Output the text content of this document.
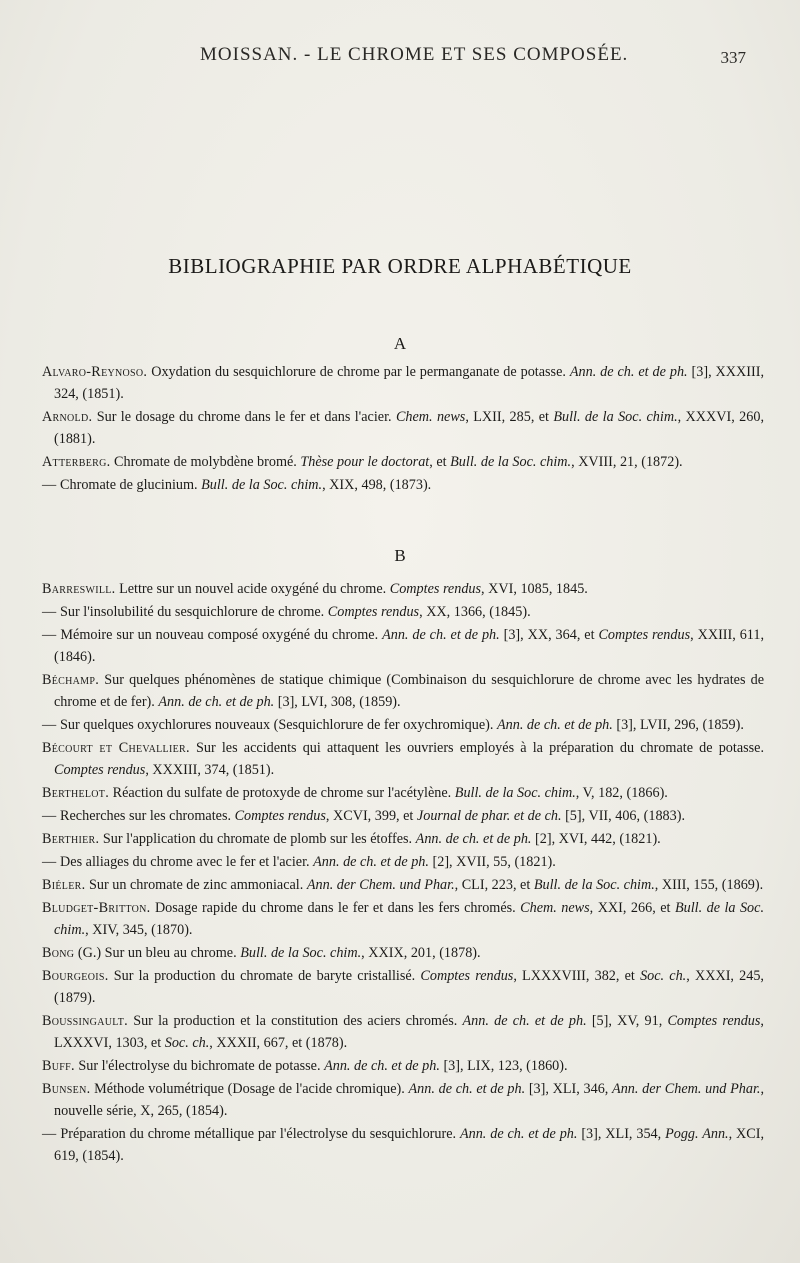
MOISSAN. - LE CHROME ET SES COMPOSÉE.	337
BIBLIOGRAPHIE PAR ORDRE ALPHABÉTIQUE
A

Alvaro-Reynoso. Oxydation du sesquichlorure de chrome par le permanganate de potasse. Ann. de ch. et de ph. [3], XXXIII, 324, (1851).

Arnold. Sur le dosage du chrome dans le fer et dans l'acier. Chem. news, LXII, 285, et Bull. de la Soc. chim., XXXVI, 260, (1881).

Atterberg. Chromate de molybdène bromé. Thèse pour le doctorat, et Bull. de la Soc. chim., XVIII, 21, (1872).

— Chromate de glucinium. Bull. de la Soc. chim., XIX, 498, (1873).

B

Barreswill. Lettre sur un nouvel acide oxygéné du chrome. Comptes rendus, XVI, 1085, 1845.

— Sur l'insolubilité du sesquichlorure de chrome. Comptes rendus, XX, 1366, (1845).

— Mémoire sur un nouveau composé oxygéné du chrome. Ann. de ch. et de ph. [3], XX, 364, et Comptes rendus, XXIII, 611, (1846).

Béchamp. Sur quelques phénomènes de statique chimique (Combinaison du sesquichlorure de chrome avec les hydrates de chrome et de fer). Ann. de ch. et de ph. [3], LVI, 308, (1859).

— Sur quelques oxychlorures nouveaux (Sesquichlorure de fer oxychromique). Ann. de ch. et de ph. [3], LVII, 296, (1859).

Bécourt et Chevallier. Sur les accidents qui attaquent les ouvriers employés à la préparation du chromate de potasse. Comptes rendus, XXXIII, 374, (1851).

Berthelot. Réaction du sulfate de protoxyde de chrome sur l'acétylène. Bull. de la Soc. chim., V, 182, (1866).

— Recherches sur les chromates. Comptes rendus, XCVI, 399, et Journal de phar. et de ch. [5], VII, 406, (1883).

Berthier. Sur l'application du chromate de plomb sur les étoffes. Ann. de ch. et de ph. [2], XVI, 442, (1821).

— Des alliages du chrome avec le fer et l'acier. Ann. de ch. et de ph. [2], XVII, 55, (1821).

Biéler. Sur un chromate de zinc ammoniacal. Ann. der Chem. und Phar., CLI, 223, et Bull. de la Soc. chim., XIII, 155, (1869).

Bludget-Britton. Dosage rapide du chrome dans le fer et dans les fers chromés. Chem. news, XXI, 266, et Bull. de la Soc. chim., XIV, 345, (1870).

Bong (G.) Sur un bleu au chrome. Bull. de la Soc. chim., XXIX, 201, (1878).

Bourgeois. Sur la production du chromate de baryte cristallisé. Comptes rendus, LXXXVIII, 382, et Soc. ch., XXXI, 245, (1879).

Boussingault. Sur la production et la constitution des aciers chromés. Ann. de ch. et de ph. [5], XV, 91, Comptes rendus, LXXXVI, 1303, et Soc. ch., XXXII, 667, et (1878).

Buff. Sur l'électrolyse du bichromate de potasse. Ann. de ch. et de ph. [3], LIX, 123, (1860).

Bunsen. Méthode volumétrique (Dosage de l'acide chromique). Ann. de ch. et de ph. [3], XLI, 346, Ann. der Chem. und Phar., nouvelle série, X, 265, (1854).

— Préparation du chrome métallique par l'électrolyse du sesquichlorure. Ann. de ch. et de ph. [3], XLI, 354, Pogg. Ann., XCI, 619, (1854).
